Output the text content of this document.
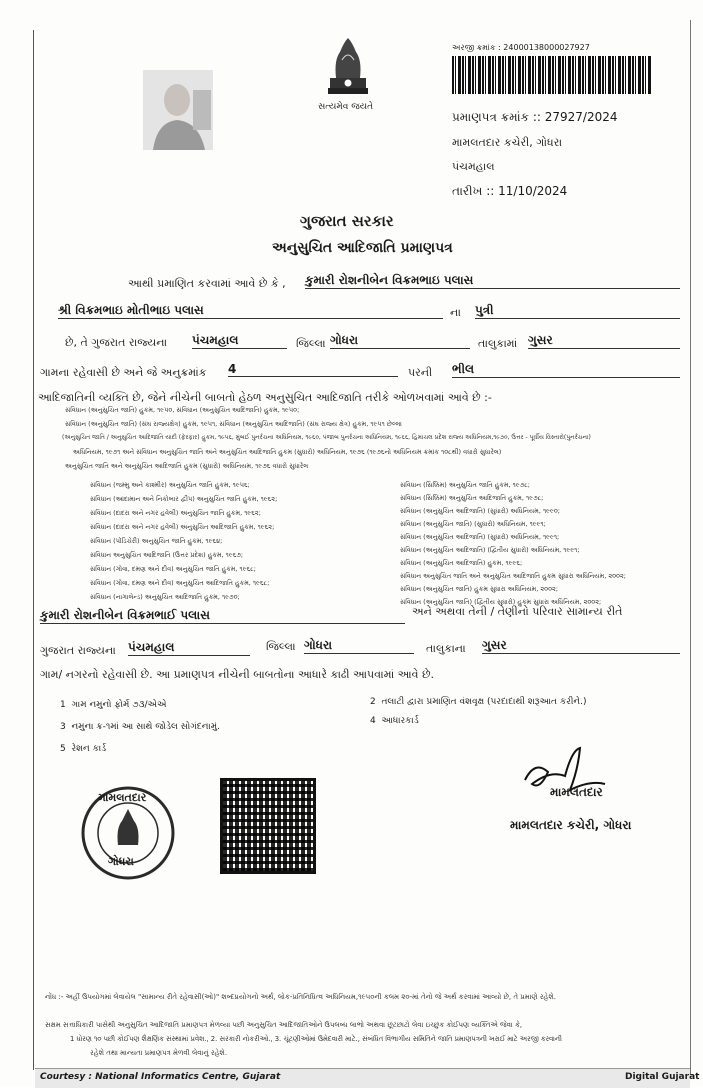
સત્યમેવ જયતે
અરજી ક્રમાંક : 24000138000027927
પ્રમાણપત્ર ક્રમાંક :: 27927/2024
મામલતદાર કચેરી, ગોધરા
પંચમહાલ
તારીખ :: 11/10/2024
ગુજરાત સરકાર
અનુસુચિત આદિજાતિ પ્રમાણપત્ર
આથી પ્રમાણિત કરવામાં આવે છે કે , કુમારી રોશનીબેન વિક્રમભાઇ પલાસ
શ્રી વિક્રમભાઇ મોતીભાઇ પલાસ	ના પુત્રી
છે, તે ગુજરાત રાજ્યના પંચમહાલ	જિલ્લા ગોધરા	તાલુકામાં ગુસર
ગામના રહેવાસી છે અને જે અનુક્રમાંક 4	પરની ભીલ
આદિજાતિની વ્યક્તિ છે, જેને નીચેની બાબતો હેઠળ અનુસુચિત આદિજાતિ તરીકે ઓળખવામાં આવે છે :-
સંવિધાન (અનુસુચિત જાતિ) હુકમ, ૧૯૫૦, સંવિધાન (અનુસુચિત આદિજાતિ) હુકમ, ૧૯૫૦;
સંવિધાન (અનુસુચિત જાતિ) (સંઘ રાજ્યક્ષેત્ર) હુકમ, ૧૯૫૧, સંવિધાન (અનુસુચિત આદિજાતિ) (સંઘ રાજ્ય ક્ષેત્ર) હુકમ, ૧૯૫૧ છેલ્લા
(અનુસુચિત જાતિ / અનુસુચિત આદિજાતિ યાદી (ફેરફાર) હુકમ, ૧૯૫૬, મુંબઈ પુનર્રચના અધિનિયમ, ૧૯૬૦, પંજાબ પુનર્રચના અધિનિયમ, ૧૯૬૬, હિમાચલ પ્રદેશ રાજ્ય અધિનિયમ,૧૯૭૦, ઉત્તર - પૂર્વીય વિસ્તારો(પુનર્રચના)
અધિનિયમ, ૧૯૭૧ અને સંવિધાન અનુસુચિત જાતિ અને અનુસુચિત આદિજાતિ હુકમ (સુધારો) અધિનિયમ, ૧૯૭૬ (૧૯૭૬નો અધિનિયમ ક્રમાંક ૧૦૮થી) વધારો સુધારેલ)
અનુસુચિત જાતિ અને અનુસુચિત આદિજાતિ હુકમ (સુધારો) અધિનિયમ, ૧૯૭૬ વધારો સુધારેલ
સંવિધાન (જમ્મુ અને કાશ્મીર) અનુસુચિત જાતિ હુકમ, ૧૯૫૬;
સંવિધાન (આંદામાન અને નિકોબાર દ્વીપ) અનુસુચિત જાતિ હુકમ, ૧૯૬૨;
સંવિધાન (દાદરા અને નગર હવેલી) અનુસુચિત જાતિ હુકમ, ૧૯૬૨;
સંવિધાન (દાદરા અને નગર હવેલી) અનુસુચિત આદિજાતિ હુકમ, ૧૯૬૨;
સંવિધાન (પોંડિચેરી) અનુસુચિત જાતિ હુકમ, ૧૯૬૪;
સંવિધાન અનુસુચિત આદિજાતિ (ઉત્તર પ્રદેશ) હુકમ, ૧૯૬૭;
સંવિધાન (ગોવા, દમણ અને દીવ) અનુસુચિત જાતિ હુકમ, ૧૯૬૮;
સંવિધાન (ગોવા, દમણ અને દીવ) અનુસુચિત આદિજાતિ હુકમ, ૧૯૬૮;
સંવિધાન (નાગાલેન્ડ) અનુસુચિત આદિજાતિ હુકમ, ૧૯૭૦;
સંવિધાન (સિક્કિમ) અનુસુચિત જાતિ હુકમ, ૧૯૭૮;
સંવિધાન (સિક્કિમ) અનુસુચિત આદિજાતિ હુકમ, ૧૯૭૮;
સંવિધાન (અનુસુચિત આદિજાતિ) (સુધારો) અધિનિયમ, ૧૯૯૦;
સંવિધાન (અનુસુચિત જાતિ) (સુધારો) અધિનિયમ, ૧૯૯૧;
સંવિધાન (અનુસુચિત આદિજાતિ) (સુધારો) અધિનિયમ, ૧૯૯૧;
સંવિધાન (અનુસુચિત આદિજાતિ) (દ્વિતીય સુધારો) અધિનિયમ, ૧૯૯૧;
સંવિધાન (અનુસુચિત આદિજાતિ) હુકમ, ૧૯૯૬;
સંવિધાન અનુસુચિત જાતિ અને અનુસુચિત આદિજાતિ હુકમ સુધારા અધિનિયમ, ૨૦૦૨;
સંવિધાન (અનુસુચિત જાતિ) હુકમ સુધારા અધિનિયમ, ૨૦૦૨;
સંવિધાન (અનુસુચિત જાતિ) (દ્વિતીય સુધારો) હુકમ સુધારા અધિનિયમ, ૨૦૦૨;
કુમારી રોશનીબેન વિક્રમભાઈ પલાસ	અને અથવા તેની / તેણીનો પરિવાર સામાન્ય રીતે
ગુજરાત રાજ્યના પંચમહાલ	જિલ્લા ગોધરા	તાલુકાના ગુસર
ગામ/ નગરનો રહેવાસી છે. આ પ્રમાણપત્ર નીચેની બાબતોના આધારે કાઢી આપવામાં આવે છે.
1 ગામ નમુનો ફોર્મ ૭૩/એએ	2 તલાટી દ્વારા પ્રમાણિત વંશવૃક્ષ (પરદાદાથી શરૂઆત કરીને.)
3 નમુના ક્ર-૧માં આ સાથે જોડેલ સોગંદનામું.
4 આધારકાર્ડ
5 રેશન કાર્ડ
મામલતદાર
ગોધરા
મામલતદાર
મામલતદાર કચેરી, ગોધરા
નોંધ :- અહીં ઉપયોગમાં લેવાયેલ "સામાન્ય રીતે રહેવાસી(ઓ)" શબ્દપ્રયોગનો અર્થ, લોક-પ્રતિનિધિત્વ અધિનિયમ,૧૯૫૦ની કલમ ૨૦-માં તેનો જે અર્થ કરવામાં આવ્યો છે, તે પ્રમાણે રહેશે.
સક્ષમ સત્તાધિકારી પાસેથી અનુસુચિત આદિજાતિ પ્રમાણપત્ર મેળવ્યા પછી અનુસુચિત આદિજાતિઓને ઉપલબ્ધ લાભો અથવા છૂટછાટો લેવા ઇચ્છુક કોઈપણ વ્યક્તિએ જેવા કે,
1 ધોરણ ૧૦ પછી કોઈપણ શૈક્ષણિક સંસ્થામાં પ્રવેશ., 2. સરકારી નોકરીઓ., 3. ચૂંટણીઓમાં ઉમેદવારી માટે., સંબંધિત વિભાગીય સમિતિને જાતિ પ્રમાણપત્રની ખરાઈ માટે અરજી કરવાની
રહેશે તથા માન્યતા પ્રમાણપત્ર મેળવી લેવાનું રહેશે.
Courtesy : National Informatics Centre, Gujarat	Digital Gujarat
